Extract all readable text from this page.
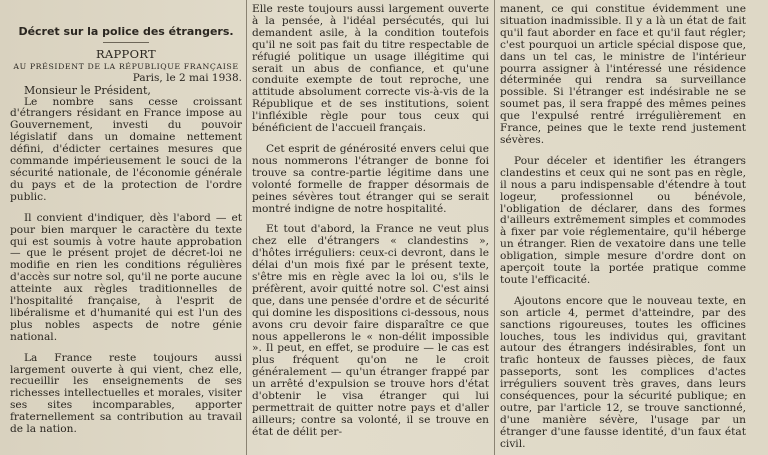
Décret sur la police des étrangers.

RAPPORT

AU PRÉSIDENT DE LA RÉPUBLIQUE FRANÇAISE

Paris, le 2 mai 1938.

Monsieur le Président,

Le nombre sans cesse croissant d'étrangers résidant en France impose au Gouvernement, investi du pouvoir législatif dans un domaine nettement défini, d'édicter certaines mesures que commande impérieusement le souci de la sécurité nationale, de l'économie générale du pays et de la protection de l'ordre public.

Il convient d'indiquer, dès l'abord — et pour bien marquer le caractère du texte qui est soumis à votre haute approbation — que le présent projet de décret-loi ne modifie en rien les conditions régulières d'accès sur notre sol, qu'il ne porte aucune atteinte aux règles traditionnelles de l'hospitalité française, à l'esprit de libéralisme et d'humanité qui est l'un des plus nobles aspects de notre génie national.

La France reste toujours aussi largement ouverte à qui vient, chez elle, recueillir les enseignements de ses richesses intellectuelles et morales, visiter ses sites incomparables, apporter fraternellement sa contribution au travail de la nation.

Elle reste toujours aussi largement ouverte à la pensée, à l'idéal persécutés, qui lui demandent asile, à la condition toutefois qu'il ne soit pas fait du titre respectable de réfugié politique un usage illégitime qui serait un abus de confiance, et qu'une conduite exempte de tout reproche, une attitude absolument correcte vis-à-vis de la République et de ses institutions, soient l'infléxible règle pour tous ceux qui bénéficient de l'accueil français.

Cet esprit de générosité envers celui que nous nommerons l'étranger de bonne foi trouve sa contre-partie légitime dans une volonté formelle de frapper désormais de peines sévères tout étranger qui se serait montré indigne de notre hospitalité.

Et tout d'abord, la France ne veut plus chez elle d'étrangers « clandestins », d'hôtes irréguliers: ceux-ci devront, dans le délai d'un mois fixé par le présent texte, s'être mis en règle avec la loi ou, s'ils le préfèrent, avoir quitté notre sol. C'est ainsi que, dans une pensée d'ordre et de sécurité qui domine les dispositions ci-dessous, nous avons cru devoir faire disparaître ce que nous appellerons le « non-délit impossible ». Il peut, en effet, se produire — le cas est plus fréquent qu'on ne le croit généralement — qu'un étranger frappé par un arrêté d'expulsion se trouve hors d'état d'obtenir le visa étranger qui lui permettrait de quitter notre pays et d'aller ailleurs; contre sa volonté, il se trouve en état de délit per-

manent, ce qui constitue évidemment une situation inadmissible. Il y a là un état de fait qu'il faut aborder en face et qu'il faut régler; c'est pourquoi un article spécial dispose que, dans un tel cas, le ministre de l'intérieur pourra assigner à l'intéressé une résidence déterminée qui rendra sa surveillance possible. Si l'étranger est indésirable ne se soumet pas, il sera frappé des mêmes peines que l'expulsé rentré irrégulièrement en France, peines que le texte rend justement sévères.

Pour déceler et identifier les étrangers clandestins et ceux qui ne sont pas en règle, il nous a paru indispensable d'étendre à tout logeur, professionnel ou bénévole, l'obligation de déclarer, dans des formes d'ailleurs extrêmement simples et commodes à fixer par voie réglementaire, qu'il héberge un étranger. Rien de vexatoire dans une telle obligation, simple mesure d'ordre dont on aperçoit toute la portée pratique comme toute l'efficacité.

Ajoutons encore que le nouveau texte, en son article 4, permet d'atteindre, par des sanctions rigoureuses, toutes les officines louches, tous les individus qui, gravitant autour des étrangers indésirables, font un trafic honteux de fausses pièces, de faux passeports, sont les complices d'actes irréguliers souvent très graves, dans leurs conséquences, pour la sécurité publique; en outre, par l'article 12, se trouve sanctionné, d'une manière sévère, l'usage par un étranger d'une fausse identité, d'un faux état civil.
